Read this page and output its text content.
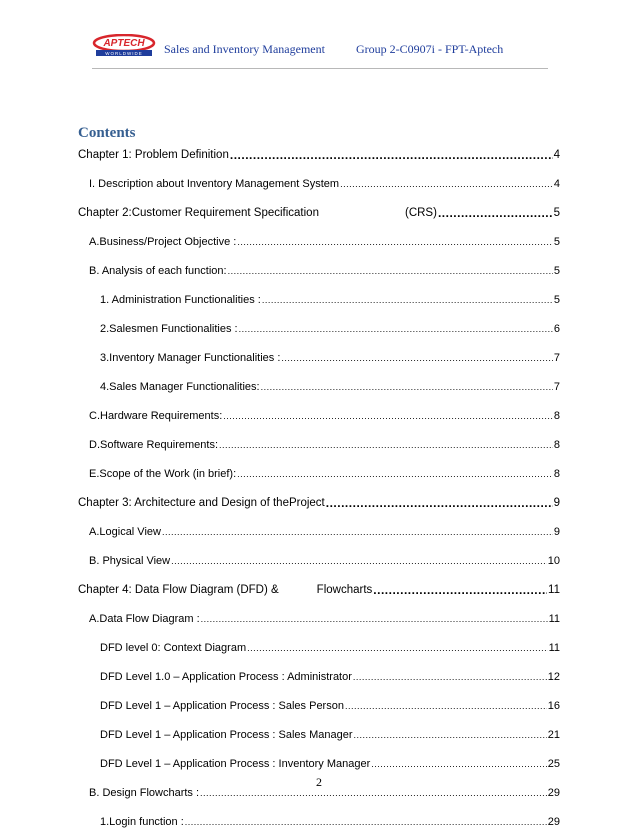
APTECH
WORLDWIDE Sales and Inventory Management	Group 2-C0907i - FPT-Aptech
Contents
Chapter 1: Problem Definition .....	4
I. Description about Inventory Management System .....	4
Chapter 2:Customer Requirement Specification	(CRS) .....	5
A.Business/Project Objective : .....	5
B. Analysis of each function: .....	5
1. Administration Functionalities : .....	5
2.Salesmen Functionalities : .....	6
3.Inventory Manager Functionalities : .....	7
4.Sales Manager Functionalities: .....	7
C.Hardware Requirements: .....	8
D.Software Requirements: .....	8
E.Scope of the Work (in brief): .....	8
Chapter 3: Architecture and Design of theProject .....	9
A.Logical View .....	9
B. Physical View .....	10
Chapter 4: Data Flow Diagram (DFD) &	Flowcharts .....	11
A.Data Flow Diagram : .....	11
DFD level 0: Context Diagram .....	11
DFD Level 1.0 – Application Process : Administrator .....	12
DFD Level 1 – Application Process : Sales Person .....	16
DFD Level 1 – Application Process : Sales Manager .....	21
DFD Level 1 – Application Process : Inventory Manager .....	25
B. Design Flowcharts : .....	29
1.Login function : .....	29
2
